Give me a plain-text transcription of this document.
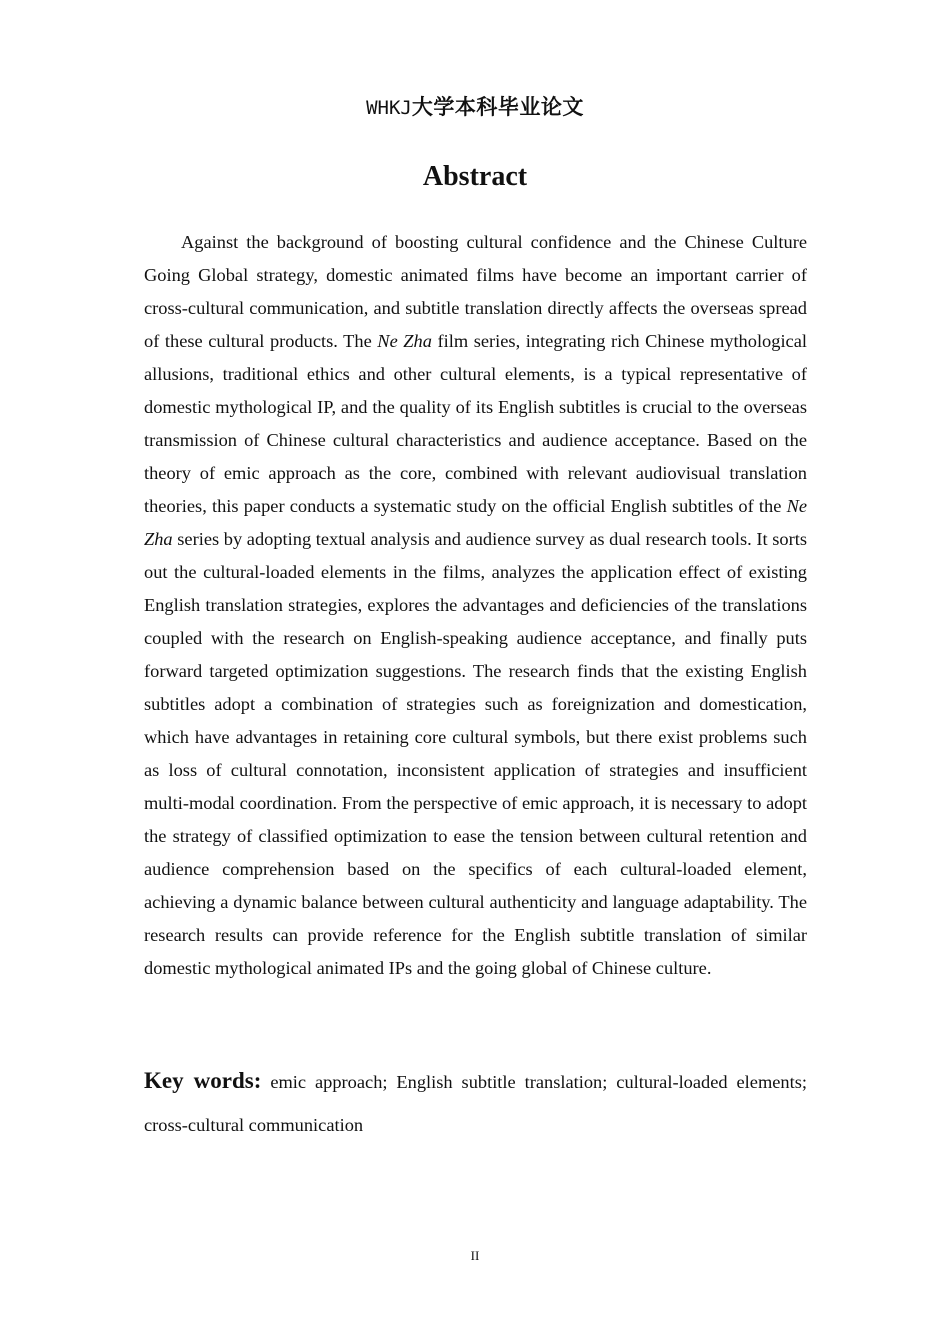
WHKJ大学本科毕业论文
Abstract

Against the background of boosting cultural confidence and the Chinese Culture Going Global strategy, domestic animated films have become an important carrier of cross-cultural communication, and subtitle translation directly affects the overseas spread of these cultural products. The Ne Zha film series, integrating rich Chinese mythological allusions, traditional ethics and other cultural elements, is a typical representative of domestic mythological IP, and the quality of its English subtitles is crucial to the overseas transmission of Chinese cultural characteristics and audience acceptance. Based on the theory of emic approach as the core, combined with relevant audiovisual translation theories, this paper conducts a systematic study on the official English subtitles of the Ne Zha series by adopting textual analysis and audience survey as dual research tools. It sorts out the cultural-loaded elements in the films, analyzes the application effect of existing English translation strategies, explores the advantages and deficiencies of the translations coupled with the research on English-speaking audience acceptance, and finally puts forward targeted optimization suggestions. The research finds that the existing English subtitles adopt a combination of strategies such as foreignization and domestication, which have advantages in retaining core cultural symbols, but there exist problems such as loss of cultural connotation, inconsistent application of strategies and insufficient multi-modal coordination. From the perspective of emic approach, it is necessary to adopt the strategy of classified optimization to ease the tension between cultural retention and audience comprehension based on the specifics of each cultural-loaded element, achieving a dynamic balance between cultural authenticity and language adaptability. The research results can provide reference for the English subtitle translation of similar domestic mythological animated IPs and the going global of Chinese culture.

Key words: emic approach; English subtitle translation; cultural-loaded elements; cross-cultural communication

II
